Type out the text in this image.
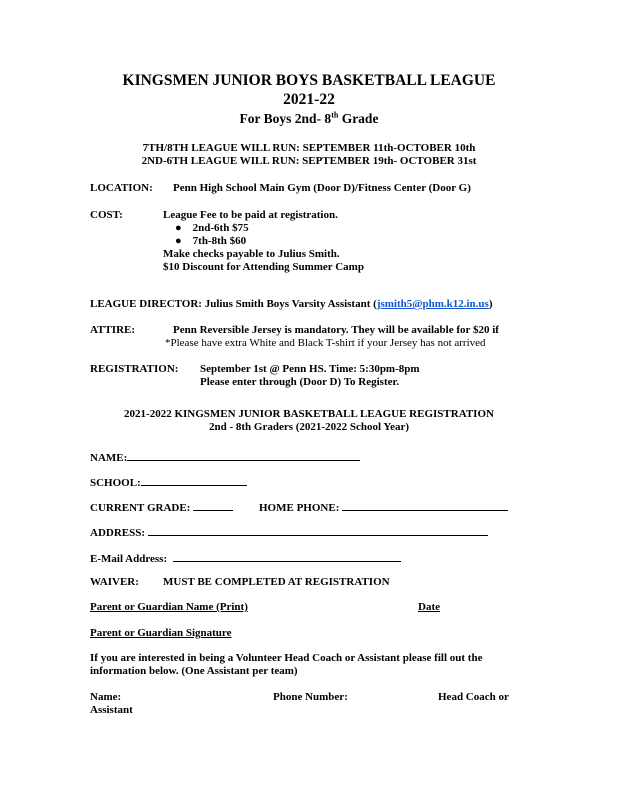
KINGSMEN JUNIOR BOYS BASKETBALL LEAGUE
2021-22
For Boys 2nd- 8th Grade
7TH/8TH LEAGUE WILL RUN: SEPTEMBER 11th-OCTOBER 10th
2ND-6TH LEAGUE WILL RUN: SEPTEMBER 19th- OCTOBER 31st
LOCATION: Penn High School Main Gym (Door D)/Fitness Center (Door G)
COST:	League Fee to be paid at registration.
●    2nd-6th $75
●    7th-8th $60
Make checks payable to Julius Smith.
$10 Discount for Attending Summer Camp
LEAGUE DIRECTOR: Julius Smith Boys Varsity Assistant (jsmith5@phm.k12.in.us)
ATTIRE:	Penn Reversible Jersey is mandatory. They will be available for $20 if
*Please have extra White and Black T-shirt if your Jersey has not arrived
REGISTRATION: September 1st @ Penn HS. Time: 5:30pm-8pm
Please enter through (Door D) To Register.
2021-2022 KINGSMEN JUNIOR BASKETBALL LEAGUE REGISTRATION
2nd - 8th Graders (2021-2022 School Year)
NAME:
SCHOOL:
CURRENT GRADE:	HOME PHONE:
ADDRESS:
E-Mail Address:
WAIVER: MUST BE COMPLETED AT REGISTRATION
Parent or Guardian Name (Print)	Date
Parent or Guardian Signature
If you are interested in being a Volunteer Head Coach or Assistant please fill out the
information below. (One Assistant per team)
Name:	Phone Number:	Head Coach or
Assistant
